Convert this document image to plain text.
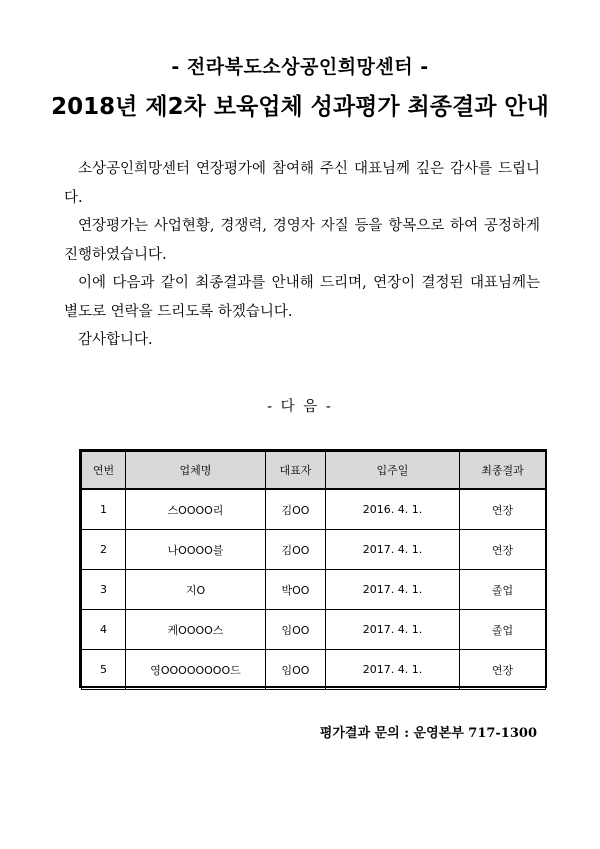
- 전라북도소상공인희망센터 -
2018년 제2차 보육업체 성과평가 최종결과 안내

소상공인희망센터 연장평가에 참여해 주신 대표님께 깊은 감사를 드립니다.

연장평가는 사업현황, 경쟁력, 경영자 자질 등을 항목으로 하여 공정하게 진행하였습니다.

이에 다음과 같이 최종결과를 안내해 드리며, 연장이 결정된 대표님께는 별도로 연락을 드리도록 하겠습니다.

감사합니다.

- 다 음 -
연번	업체명	대표자	입주일	최종결과
1	스OOOO리	김OO	2016. 4. 1.	연장
2	나OOOO블	김OO	2017. 4. 1.	연장
3	지O	박OO	2017. 4. 1.	졸업
4	케OOOO스	임OO	2017. 4. 1.	졸업
5	영OOOOOOOO드	임OO	2017. 4. 1.	연장
평가결과 문의 : 운영본부 717-1300
